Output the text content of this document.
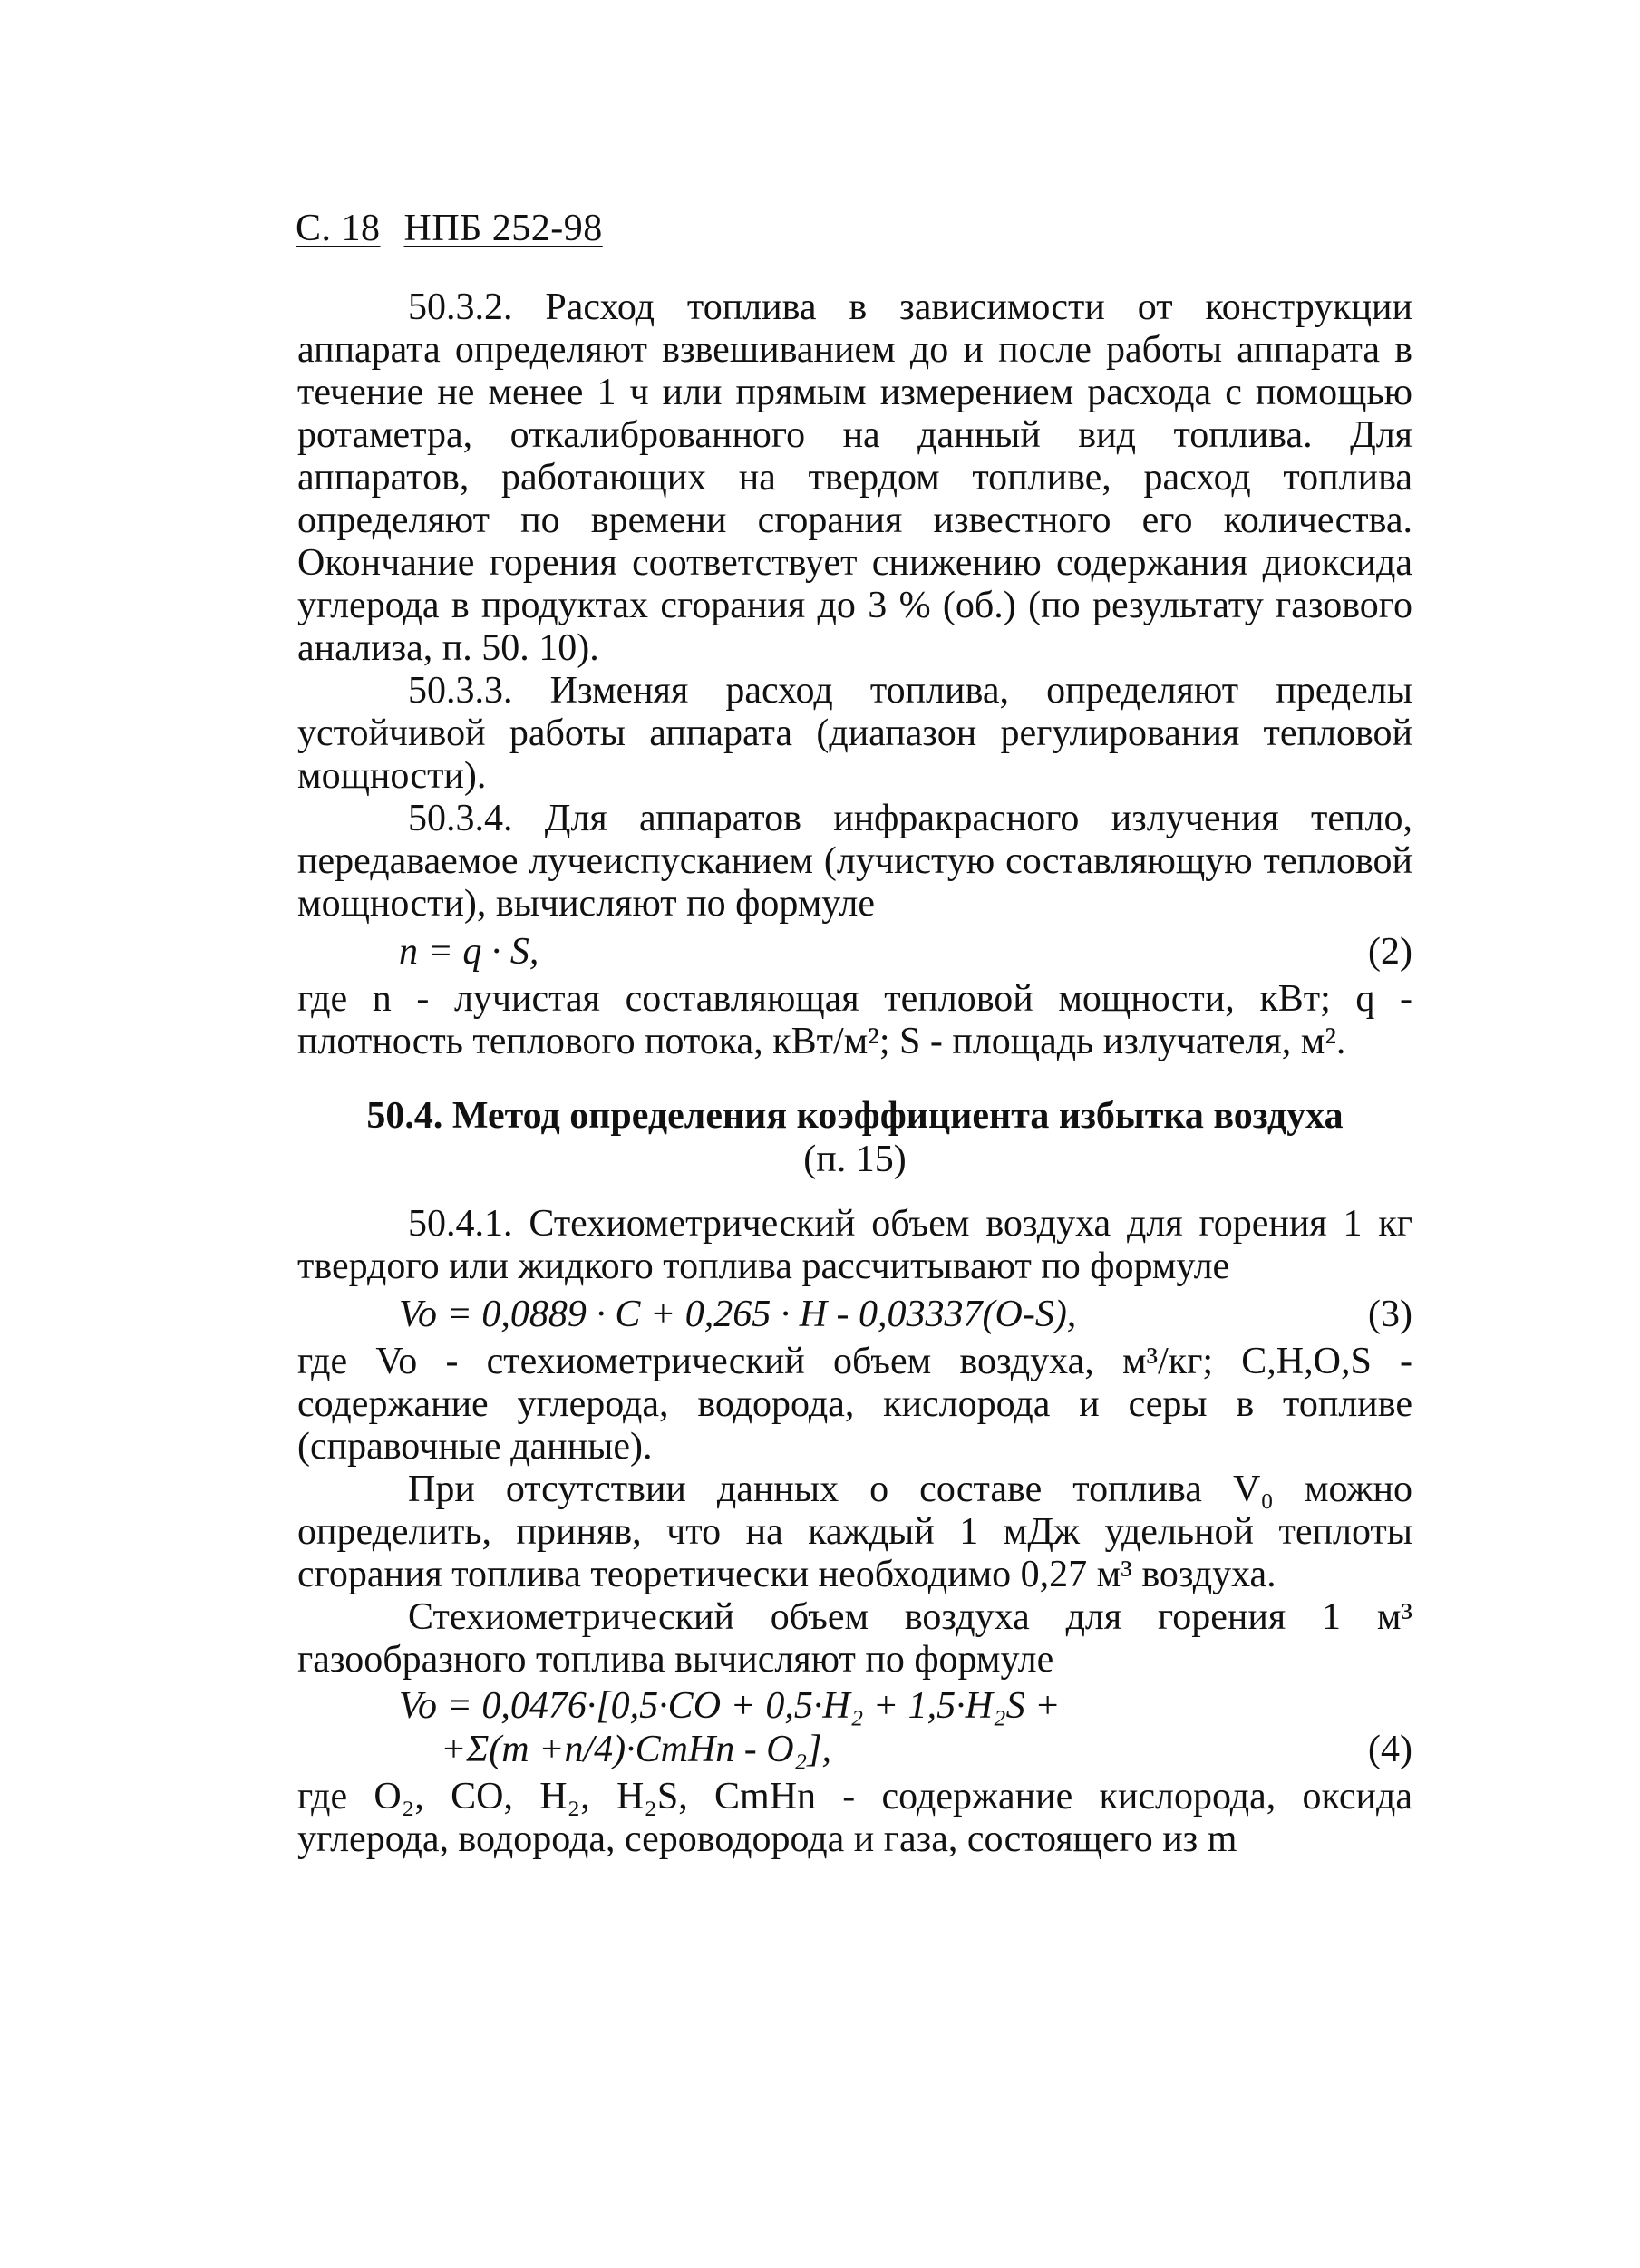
С. 18 НПБ 252-98

50.3.2. Расход топлива в зависимости от конструкции аппарата определяют взвешиванием до и после работы аппарата в течение не менее 1 ч или прямым измерением расхода с помощью ротаметра, откалиброванного на данный вид топлива. Для аппаратов, работающих на твердом топливе, расход топлива определяют по времени сгорания известного его количества. Окончание горения соответствует снижению содержания диоксида углерода в продуктах сгорания до 3 % (об.) (по результату газового анализа, п. 50. 10).

50.3.3. Изменяя расход топлива, определяют пределы устойчивой работы аппарата (диапазон регулирования тепловой мощности).

50.3.4. Для аппаратов инфракрасного излучения тепло, передаваемое лучеиспусканием (лучистую составляющую тепловой мощности), вычисляют по формуле

n = q · S,	(2)

где n - лучистая составляющая тепловой мощности, кВт; q - плотность теплового потока, кВт/м²; S - площадь излучателя, м².

50.4. Метод определения коэффициента избытка воздуха
(п. 15)

50.4.1. Стехиометрический объем воздуха для горения 1 кг твердого или жидкого топлива рассчитывают по формуле

Vo = 0,0889 · C + 0,265 · H - 0,03337(O-S),	(3)

где Vo - стехиометрический объем воздуха, м³/кг; C,H,O,S - содержание углерода, водорода, кислорода и серы в топливе (справочные данные).

При отсутствии данных о составе топлива V₀ можно определить, приняв, что на каждый 1 мДж удельной теплоты сгорания топлива теоретически необходимо 0,27 м³ воздуха.

Стехиометрический объем воздуха для горения 1 м³ газообразного топлива вычисляют по формуле

Vo = 0,0476·[0,5·CO + 0,5·H₂ + 1,5·H₂S +
+Σ(m +n/4)·CmHn - O₂],	(4)

где O₂, CO, H₂, H₂S, CmHn - содержание кислорода, оксида углерода, водорода, сероводорода и газа, состоящего из m
